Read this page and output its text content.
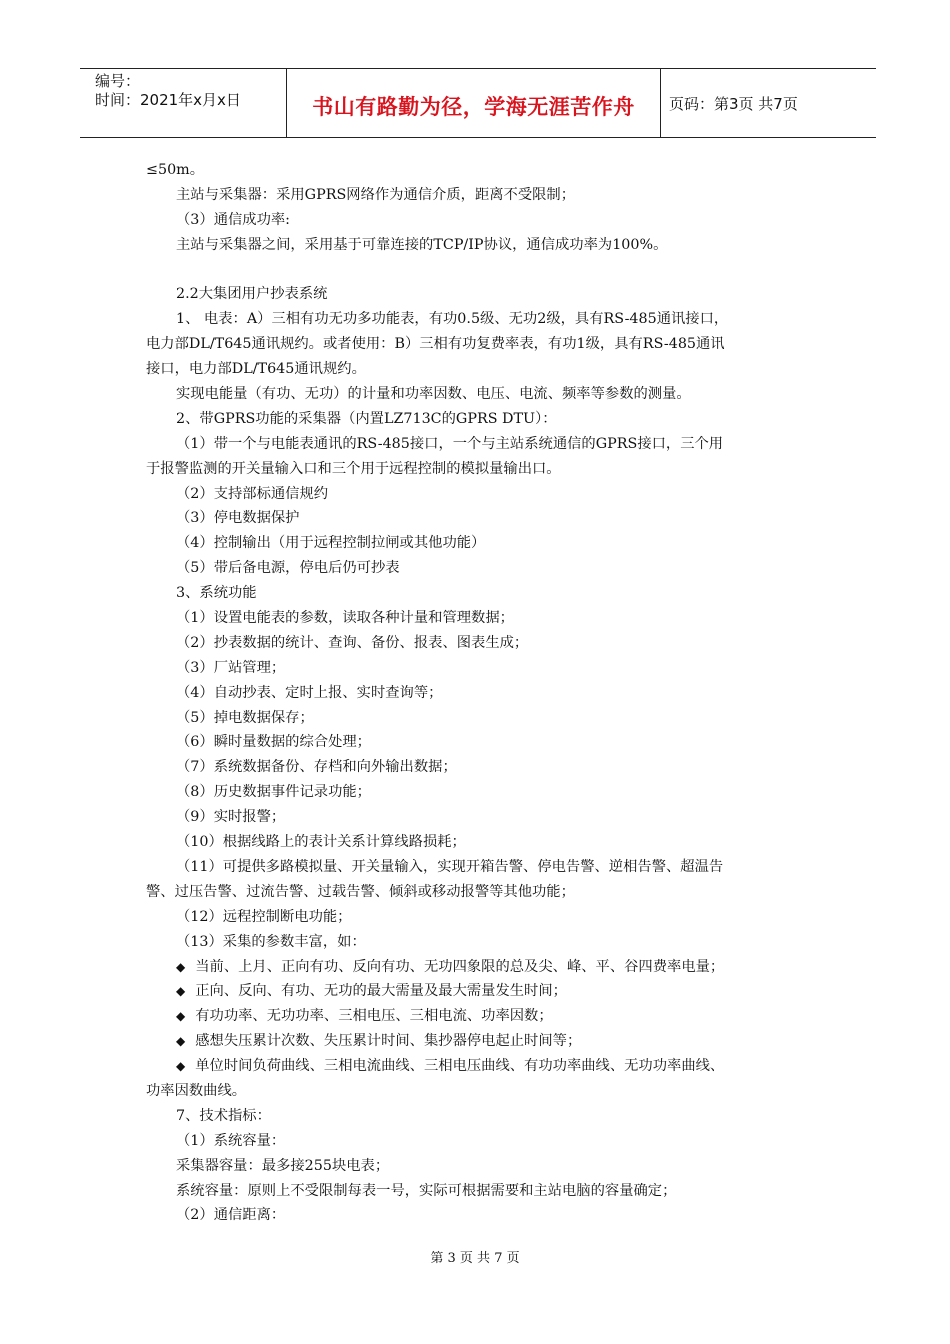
编号：
时间：2021年x月x日	书山有路勤为径，学海无涯苦作舟	页码：第3页 共7页
≤50m。
主站与采集器：采用GPRS网络作为通信介质，距离不受限制；
（3）通信成功率:
主站与采集器之间，采用基于可靠连接的TCP/IP协议，通信成功率为100%。
2.2大集团用户抄表系统
1、 电表：A）三相有功无功多功能表，有功0.5级、无功2级，具有RS-485通讯接口，
电力部DL/T645通讯规约。或者使用：B）三相有功复费率表，有功1级，具有RS-485通讯
接口，电力部DL/T645通讯规约。
实现电能量（有功、无功）的计量和功率因数、电压、电流、频率等参数的测量。
2、带GPRS功能的采集器（内置LZ713C的GPRS DTU）：
（1）带一个与电能表通讯的RS-485接口，一个与主站系统通信的GPRS接口，三个用
于报警监测的开关量输入口和三个用于远程控制的模拟量输出口。
（2）支持部标通信规约
（3）停电数据保护
（4）控制输出（用于远程控制拉闸或其他功能）
（5）带后备电源，停电后仍可抄表
3、系统功能
（1）设置电能表的参数，读取各种计量和管理数据；
（2）抄表数据的统计、查询、备份、报表、图表生成；
（3）厂站管理；
（4）自动抄表、定时上报、实时查询等；
（5）掉电数据保存；
（6）瞬时量数据的综合处理；
（7）系统数据备份、存档和向外输出数据；
（8）历史数据事件记录功能；
（9）实时报警；
（10）根据线路上的表计关系计算线路损耗；
（11）可提供多路模拟量、开关量输入，实现开箱告警、停电告警、逆相告警、超温告
警、过压告警、过流告警、过载告警、倾斜或移动报警等其他功能；
（12）远程控制断电功能；
（13）采集的参数丰富，如：
◆ 当前、上月、正向有功、反向有功、无功四象限的总及尖、峰、平、谷四费率电量；
◆ 正向、反向、有功、无功的最大需量及最大需量发生时间；
◆ 有功功率、无功功率、三相电压、三相电流、功率因数；
◆ 感想失压累计次数、失压累计时间、集抄器停电起止时间等；
◆ 单位时间负荷曲线、三相电流曲线、三相电压曲线、有功功率曲线、无功功率曲线、
功率因数曲线。
7、技术指标：
（1）系统容量：
采集器容量：最多接255块电表；
系统容量：原则上不受限制每表一号，实际可根据需要和主站电脑的容量确定；
（2）通信距离：
第 3 页 共 7 页
